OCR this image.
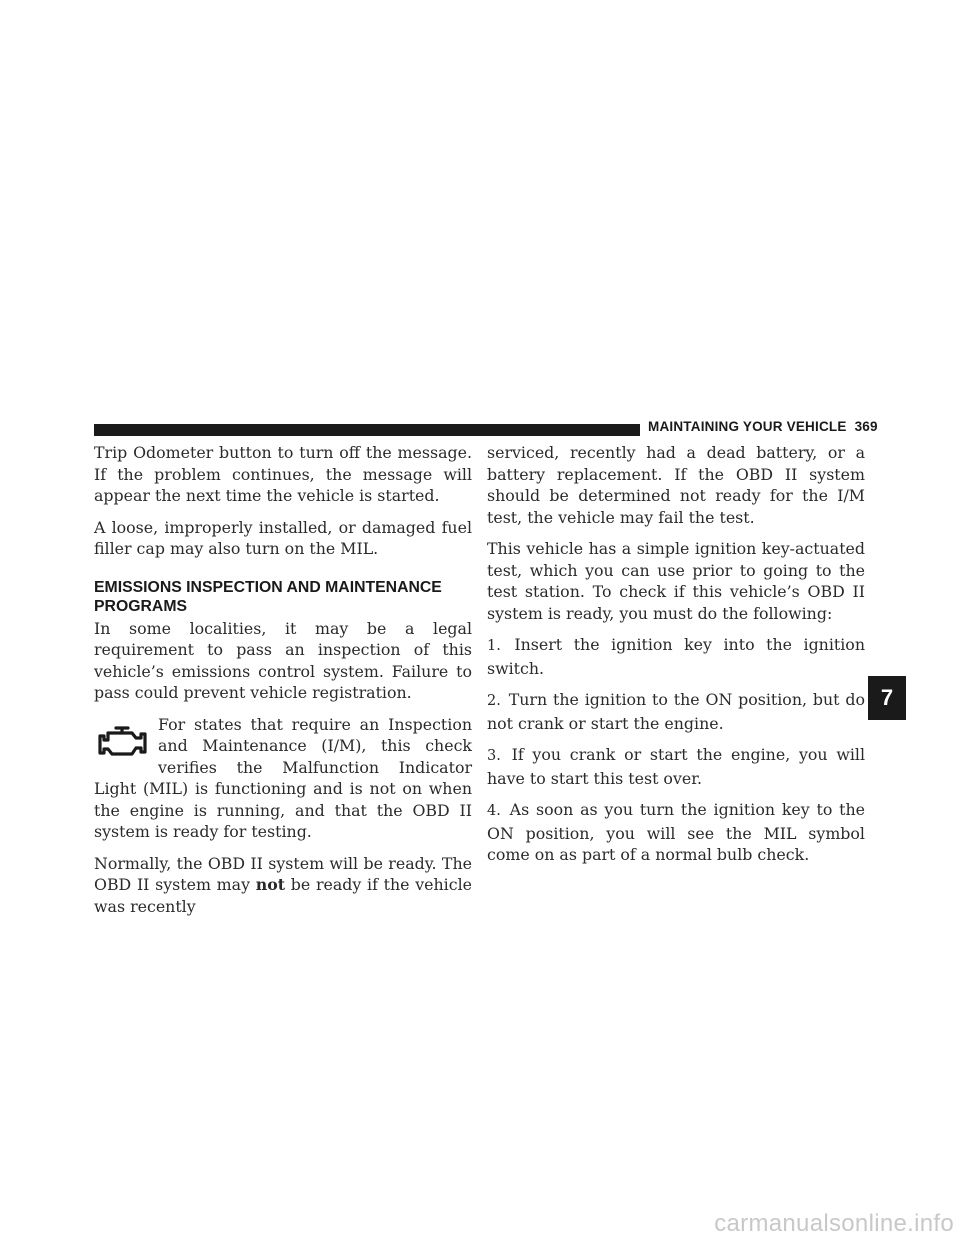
MAINTAINING YOUR VEHICLE 369

Trip Odometer button to turn off the message. If the problem continues, the message will appear the next time the vehicle is started.

A loose, improperly installed, or damaged fuel filler cap may also turn on the MIL.

EMISSIONS INSPECTION AND MAINTENANCE PROGRAMS

In some localities, it may be a legal requirement to pass an inspection of this vehicle’s emissions control system. Failure to pass could prevent vehicle registration.

For states that require an Inspection and Maintenance (I/M), this check verifies the Malfunction Indicator Light (MIL) is functioning and is not on when the engine is running, and that the OBD II system is ready for testing.

Normally, the OBD II system will be ready. The OBD II system may not be ready if the vehicle was recently

serviced, recently had a dead battery, or a battery replacement. If the OBD II system should be determined not ready for the I/M test, the vehicle may fail the test.

This vehicle has a simple ignition key-actuated test, which you can use prior to going to the test station. To check if this vehicle’s OBD II system is ready, you must do the following:

1. Insert the ignition key into the ignition switch.

2. Turn the ignition to the ON position, but do not crank or start the engine.

3. If you crank or start the engine, you will have to start this test over.

4. As soon as you turn the ignition key to the ON position, you will see the MIL symbol come on as part of a normal bulb check.

7
carmanualsonline.info
